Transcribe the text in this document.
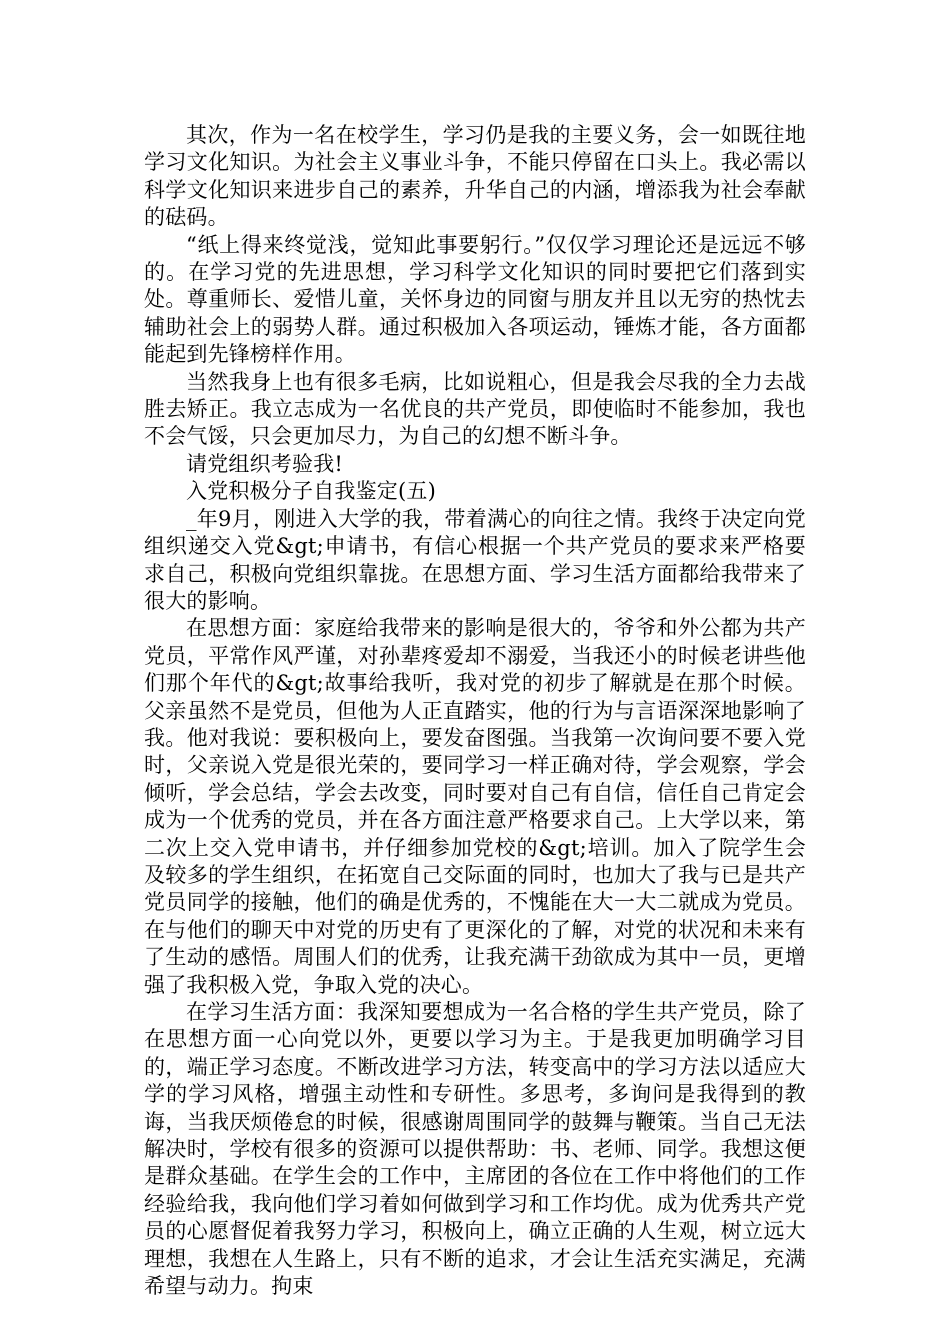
其次，作为一名在校学生，学习仍是我的主要义务，会一如既往地学习文化知识。为社会主义事业斗争，不能只停留在口头上。我必需以科学文化知识来进步自己的素养，升华自己的内涵，增添我为社会奉献的砝码。

“纸上得来终觉浅，觉知此事要躬行。”仅仅学习理论还是远远不够的。在学习党的先进思想，学习科学文化知识的同时要把它们落到实处。尊重师长、爱惜儿童，关怀身边的同窗与朋友并且以无穷的热忱去辅助社会上的弱势人群。通过积极加入各项运动，锤炼才能，各方面都能起到先锋榜样作用。

当然我身上也有很多毛病，比如说粗心，但是我会尽我的全力去战胜去矫正。我立志成为一名优良的共产党员，即使临时不能参加，我也不会气馁，只会更加尽力，为自己的幻想不断斗争。

请党组织考验我!

入党积极分子自我鉴定(五)

_年9月，刚进入大学的我，带着满心的向往之情。我终于决定向党组织递交入党&gt;申请书，有信心根据一个共产党员的要求来严格要求自己，积极向党组织靠拢。在思想方面、学习生活方面都给我带来了很大的影响。

在思想方面：家庭给我带来的影响是很大的，爷爷和外公都为共产党员，平常作风严谨，对孙辈疼爱却不溺爱，当我还小的时候老讲些他们那个年代的&gt;故事给我听，我对党的初步了解就是在那个时候。父亲虽然不是党员，但他为人正直踏实，他的行为与言语深深地影响了我。他对我说：要积极向上，要发奋图强。当我第一次询问要不要入党时，父亲说入党是很光荣的，要同学习一样正确对待，学会观察，学会倾听，学会总结，学会去改变，同时要对自己有自信，信任自己肯定会成为一个优秀的党员，并在各方面注意严格要求自己。上大学以来，第二次上交入党申请书，并仔细参加党校的&gt;培训。加入了院学生会及较多的学生组织，在拓宽自己交际面的同时，也加大了我与已是共产党员同学的接触，他们的确是优秀的，不愧能在大一大二就成为党员。在与他们的聊天中对党的历史有了更深化的了解，对党的状况和未来有了生动的感悟。周围人们的优秀，让我充满干劲欲成为其中一员，更增强了我积极入党，争取入党的决心。

在学习生活方面：我深知要想成为一名合格的学生共产党员，除了在思想方面一心向党以外，更要以学习为主。于是我更加明确学习目的，端正学习态度。不断改进学习方法，转变高中的学习方法以适应大学的学习风格，增强主动性和专研性。多思考，多询问是我得到的教诲，当我厌烦倦怠的时候，很感谢周围同学的鼓舞与鞭策。当自己无法解决时，学校有很多的资源可以提供帮助：书、老师、同学。我想这便是群众基础。在学生会的工作中，主席团的各位在工作中将他们的工作经验给我，我向他们学习着如何做到学习和工作均优。成为优秀共产党员的心愿督促着我努力学习，积极向上，确立正确的人生观，树立远大理想，我想在人生路上，只有不断的追求，才会让生活充实满足，充满希望与动力。拘束
